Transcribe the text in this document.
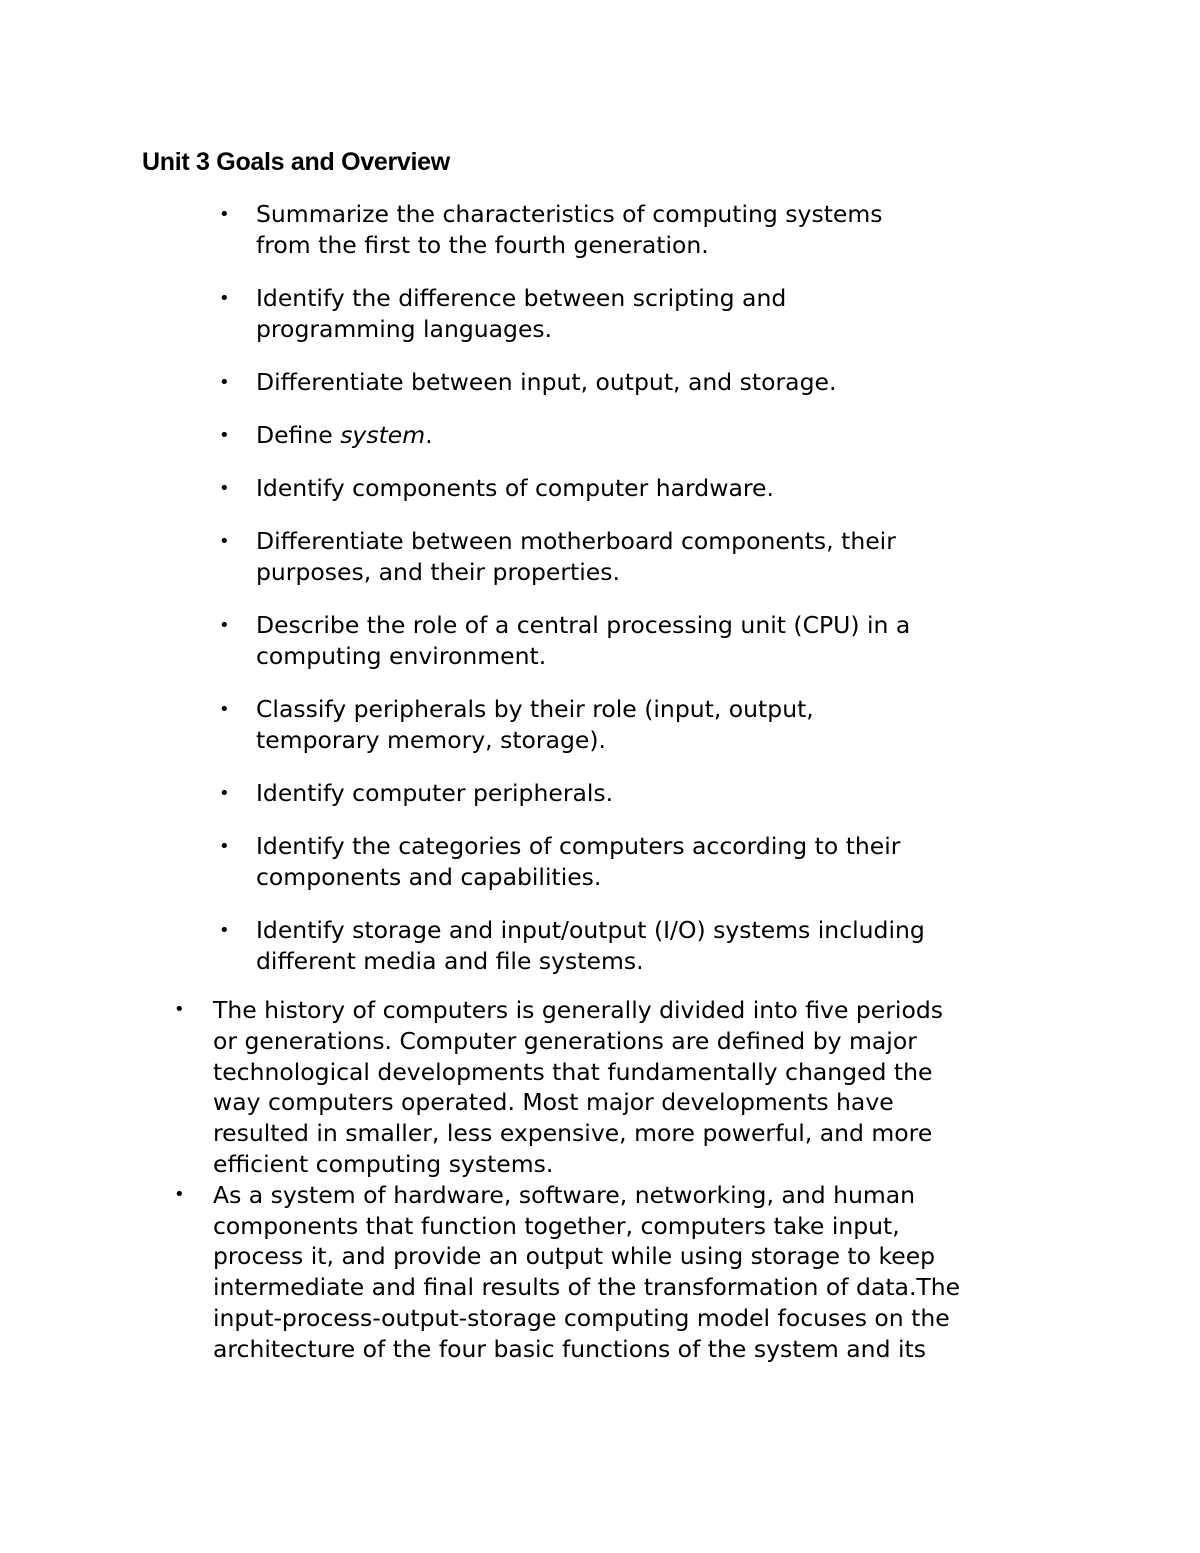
Unit 3 Goals and Overview
• Summarize the characteristics of computing systems
from the first to the fourth generation.
• Identify the difference between scripting and
programming languages.
• Differentiate between input, output, and storage.
• Define system.
• Identify components of computer hardware.
• Differentiate between motherboard components, their
purposes, and their properties.
• Describe the role of a central processing unit (CPU) in a
computing environment.
• Classify peripherals by their role (input, output,
temporary memory, storage).
• Identify computer peripherals.
• Identify the categories of computers according to their
components and capabilities.
• Identify storage and input/output (I/O) systems including
different media and file systems.
• The history of computers is generally divided into five periods
or generations. Computer generations are defined by major
technological developments that fundamentally changed the
way computers operated. Most major developments have
resulted in smaller, less expensive, more powerful, and more
efficient computing systems.
• As a system of hardware, software, networking, and human
components that function together, computers take input,
process it, and provide an output while using storage to keep
intermediate and final results of the transformation of data.The
input-process-output-storage computing model focuses on the
architecture of the four basic functions of the system and its
